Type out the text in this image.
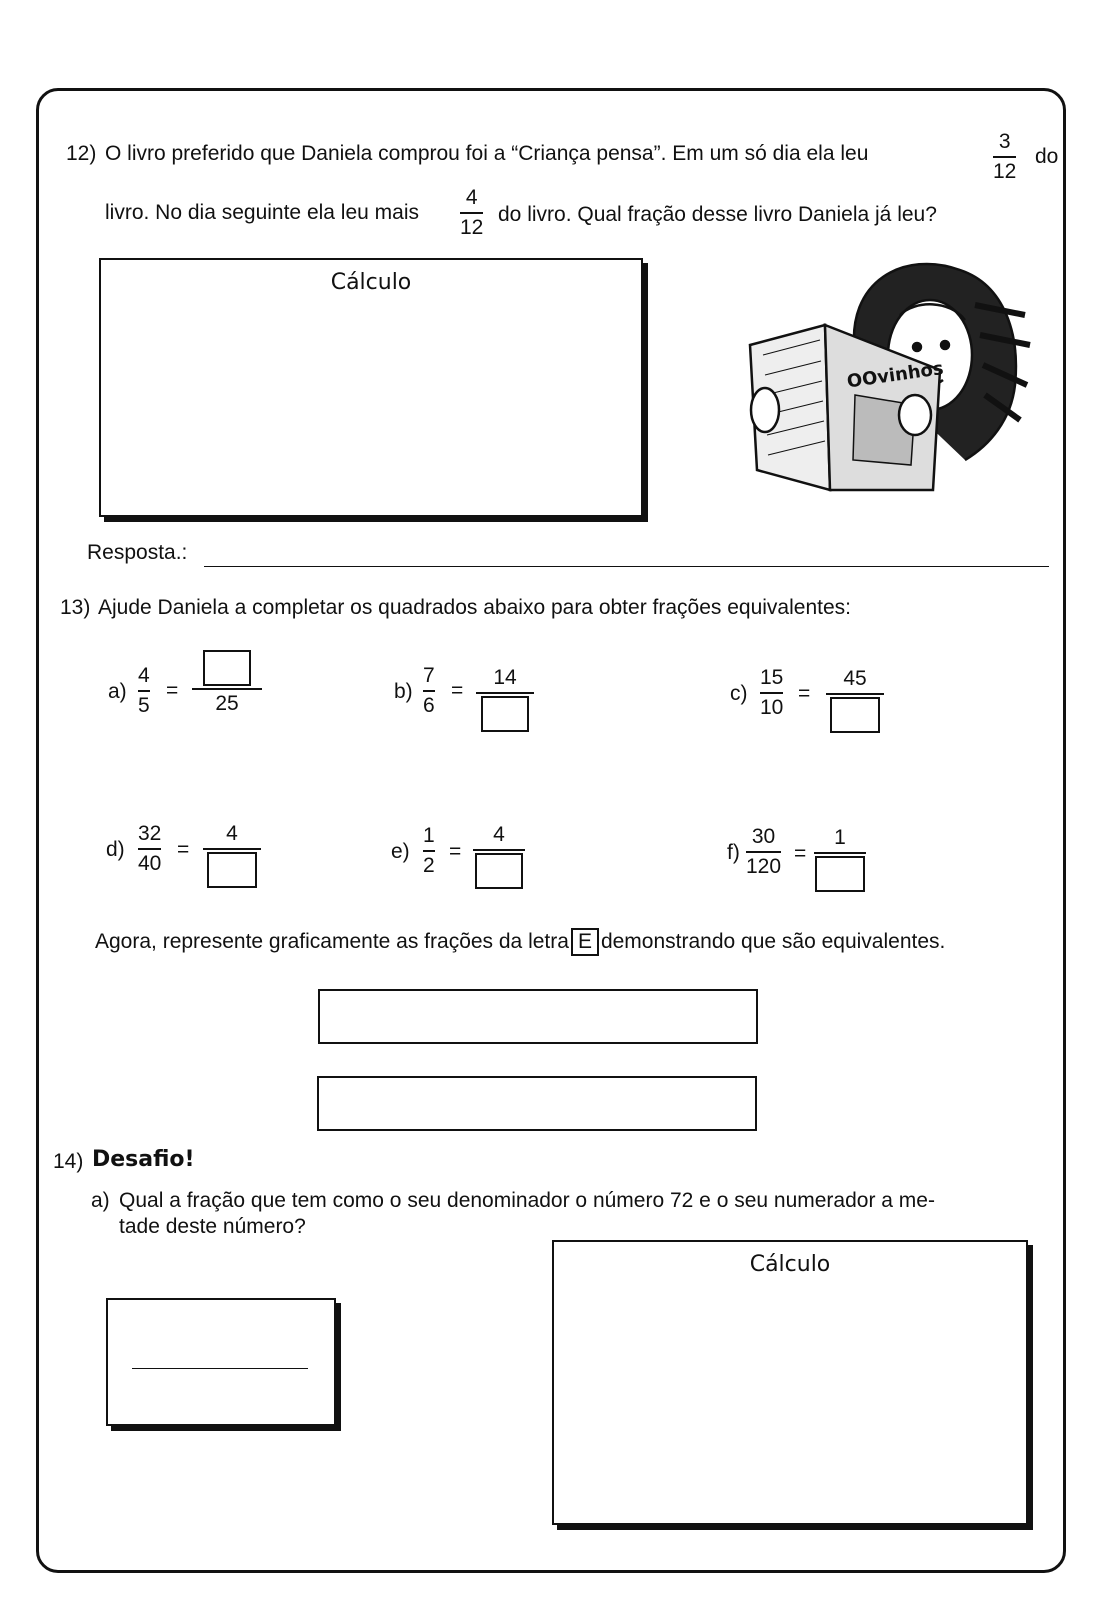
12) O livro preferido que Daniela comprou foi a “Criança pensa”. Em um só dia ela leu
3
12
do
livro. No dia seguinte ela leu mais
4
12
do livro. Qual fração desse livro Daniela já leu?
Cálculo
OOvinhos
Resposta.:
13) Ajude Daniela a completar os quadrados abaixo para obter frações equivalentes:
a)
4
5
=
25
b)
7
6
=
14
c)
15
10
=
45
d)
32
40
=
4
e)
1
2
=
4
f)
30
120
=
1
Agora, represente graficamente as frações da letra E demonstrando que são equivalentes.
14) Desafio!
a) Qual a fração que tem como o seu denominador o número 72 e o seu numerador a me-
tade deste número?
Cálculo
